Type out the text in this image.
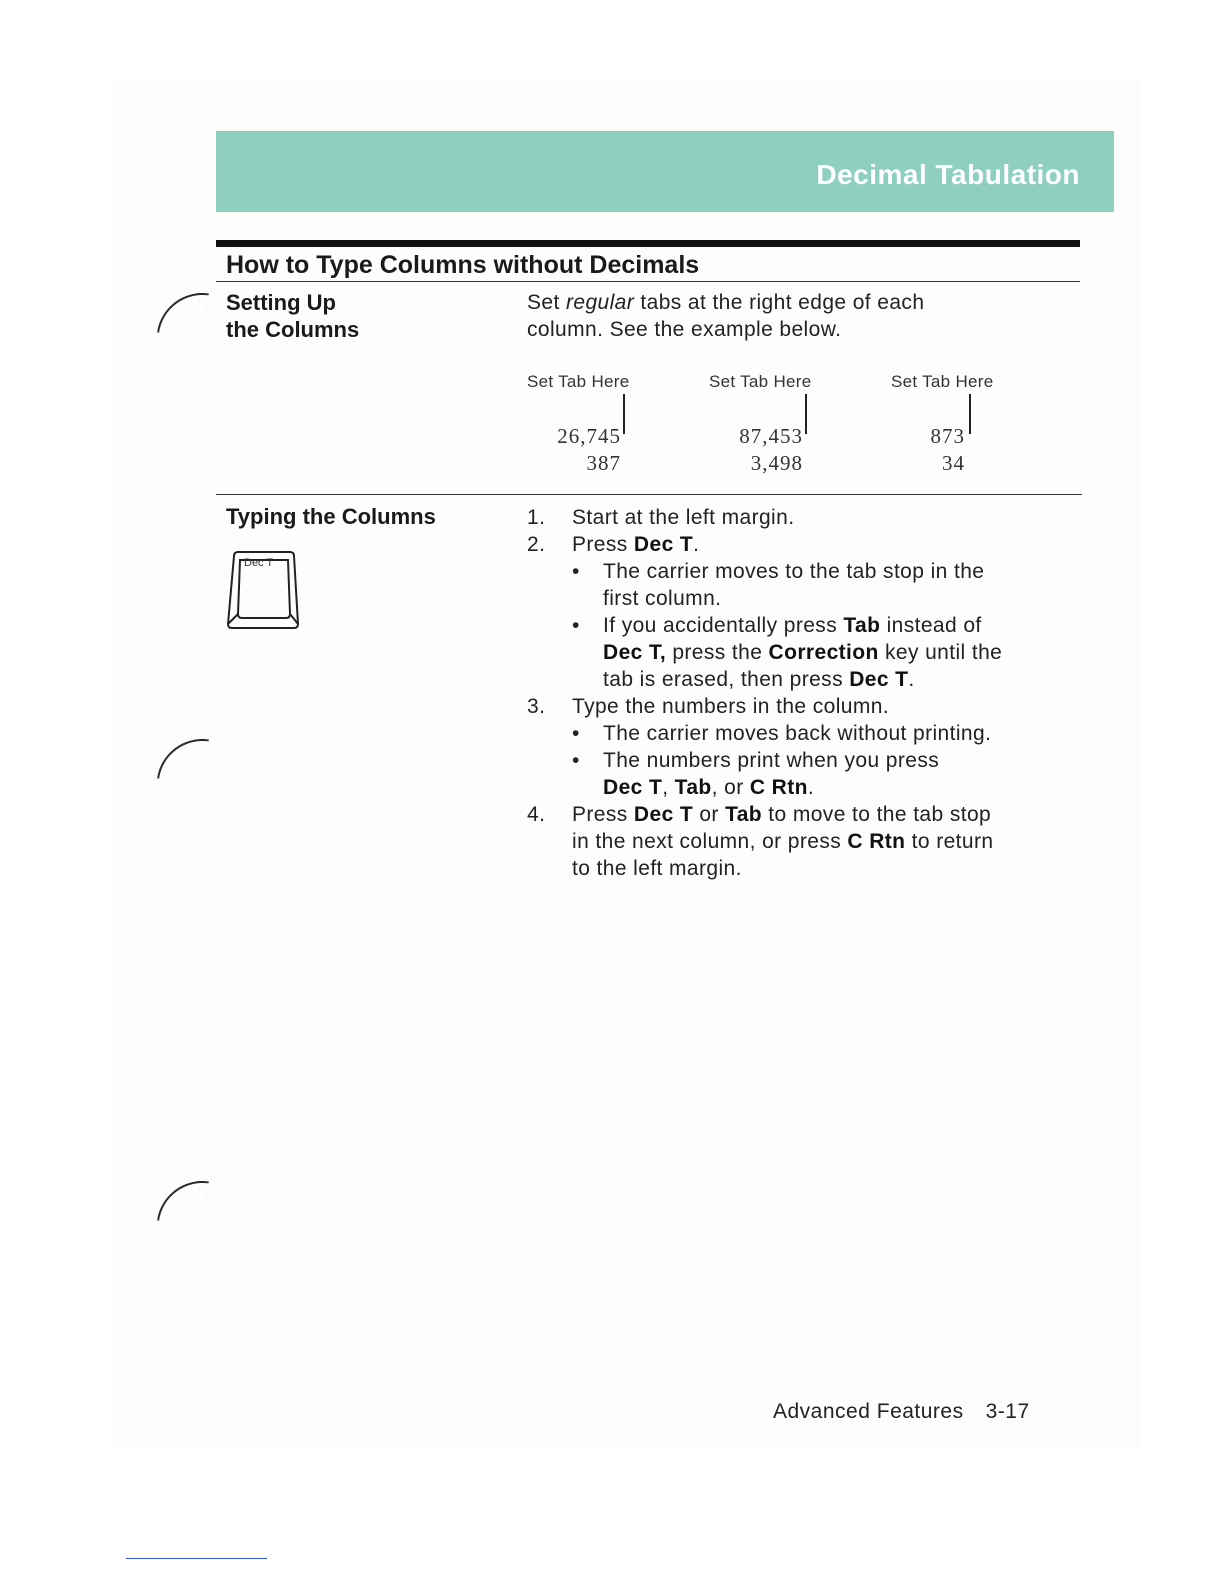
Decimal Tabulation
How to Type Columns without Decimals
Setting Up
the Columns
Set regular tabs at the right edge of each
column. See the example below.
Set Tab Here
26,745
387
Set Tab Here
87,453
3,498
Set Tab Here
873
34
Typing the Columns
Dec T
1. Start at the left margin.
2. Press Dec T.
• The carrier moves to the tab stop in the
first column.
• If you accidentally press Tab instead of
Dec T, press the Correction key until the
tab is erased, then press Dec T.
3. Type the numbers in the column.
• The carrier moves back without printing.
• The numbers print when you press
Dec T, Tab, or C Rtn.
4. Press Dec T or Tab to move to the tab stop
in the next column, or press C Rtn to return
to the left margin.
Advanced Features 3-17
